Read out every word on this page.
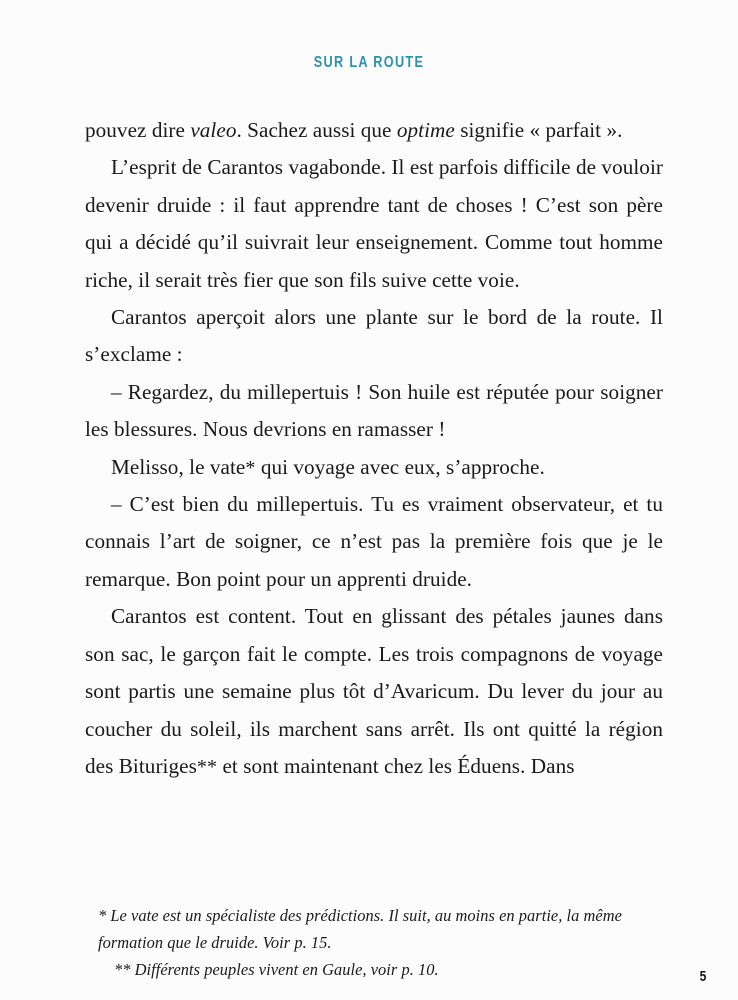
SUR LA ROUTE

pouvez dire valeo. Sachez aussi que optime signifie « parfait ».

L’esprit de Carantos vagabonde. Il est parfois difficile de vouloir devenir druide : il faut apprendre tant de choses ! C’est son père qui a décidé qu’il suivrait leur enseignement. Comme tout homme riche, il serait très fier que son fils suive cette voie.

Carantos aperçoit alors une plante sur le bord de la route. Il s’exclame :

– Regardez, du millepertuis ! Son huile est réputée pour soigner les blessures. Nous devrions en ramasser !

Melisso, le vate* qui voyage avec eux, s’approche.

– C’est bien du millepertuis. Tu es vraiment observateur, et tu connais l’art de soigner, ce n’est pas la première fois que je le remarque. Bon point pour un apprenti druide.

Carantos est content. Tout en glissant des pétales jaunes dans son sac, le garçon fait le compte. Les trois compagnons de voyage sont partis une semaine plus tôt d’Avaricum. Du lever du jour au coucher du soleil, ils marchent sans arrêt. Ils ont quitté la région des Bituriges** et sont maintenant chez les Éduens. Dans

* Le vate est un spécialiste des prédictions. Il suit, au moins en partie, la même formation que le druide. Voir p. 15.

** Différents peuples vivent en Gaule, voir p. 10.	5
